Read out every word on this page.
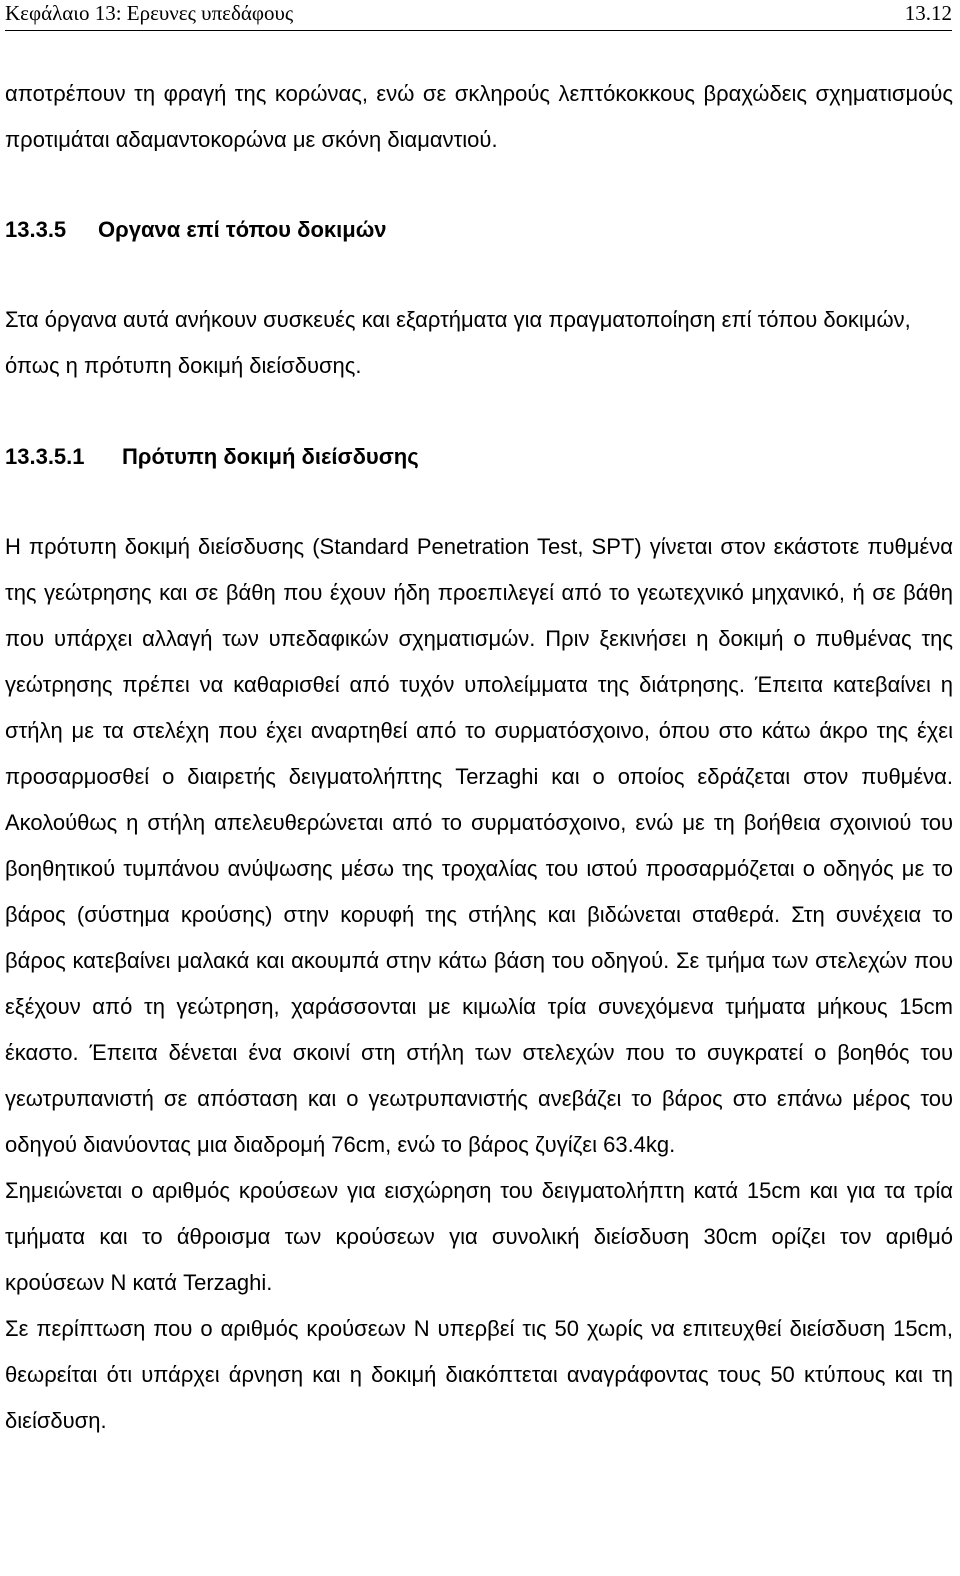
Κεφάλαιο 13: Ερευνες υπεδάφους	13.12

αποτρέπουν τη φραγή της κορώνας, ενώ σε σκληρούς λεπτόκοκκους βραχώδεις σχηματισμούς προτιμάται αδαμαντοκορώνα με σκόνη διαμαντιού.

13.3.5 Οργανα επί τόπου δοκιμών

Στα όργανα αυτά ανήκουν συσκευές και εξαρτήματα για πραγματοποίηση επί τόπου δοκιμών, όπως η πρότυπη δοκιμή διείσδυσης.

13.3.5.1 Πρότυπη δοκιμή διείσδυσης

Η πρότυπη δοκιμή διείσδυσης (Standard Penetration Test, SPT) γίνεται στον εκάστοτε πυθμένα της γεώτρησης και σε βάθη που έχουν ήδη προεπιλεγεί από το γεωτεχνικό μηχανικό, ή σε βάθη που υπάρχει αλλαγή των υπεδαφικών σχηματισμών. Πριν ξεκινήσει η δοκιμή ο πυθμένας της γεώτρησης πρέπει να καθαρισθεί από τυχόν υπολείμματα της διάτρησης. Έπειτα κατεβαίνει η στήλη με τα στελέχη που έχει αναρτηθεί από το συρματόσχοινο, όπου στο κάτω άκρο της έχει προσαρμοσθεί ο διαιρετής δειγματολήπτης Terzaghi και ο οποίος εδράζεται στον πυθμένα. Ακολούθως η στήλη απελευθερώνεται από το συρματόσχοινο, ενώ με τη βοήθεια σχοινιού του βοηθητικού τυμπάνου ανύψωσης μέσω της τροχαλίας του ιστού προσαρμόζεται ο οδηγός με το βάρος (σύστημα κρούσης) στην κορυφή της στήλης και βιδώνεται σταθερά. Στη συνέχεια το βάρος κατεβαίνει μαλακά και ακουμπά στην κάτω βάση του οδηγού. Σε τμήμα των στελεχών που εξέχουν από τη γεώτρηση, χαράσσονται με κιμωλία τρία συνεχόμενα τμήματα μήκους 15cm έκαστο. Έπειτα δένεται ένα σκοινί στη στήλη των στελεχών που το συγκρατεί ο βοηθός του γεωτρυπανιστή σε απόσταση και ο γεωτρυπανιστής ανεβάζει το βάρος στο επάνω μέρος του οδηγού διανύοντας μια διαδρομή 76cm, ενώ το βάρος ζυγίζει 63.4kg.

Σημειώνεται ο αριθμός κρούσεων για εισχώρηση του δειγματολήπτη κατά 15cm και για τα τρία τμήματα και το άθροισμα των κρούσεων για συνολική διείσδυση 30cm ορίζει τον αριθμό κρούσεων N κατά Terzaghi.

Σε περίπτωση που ο αριθμός κρούσεων N υπερβεί τις 50 χωρίς να επιτευχθεί διείσδυση 15cm, θεωρείται ότι υπάρχει άρνηση και η δοκιμή διακόπτεται αναγράφοντας τους 50 κτύπους και τη διείσδυση.
